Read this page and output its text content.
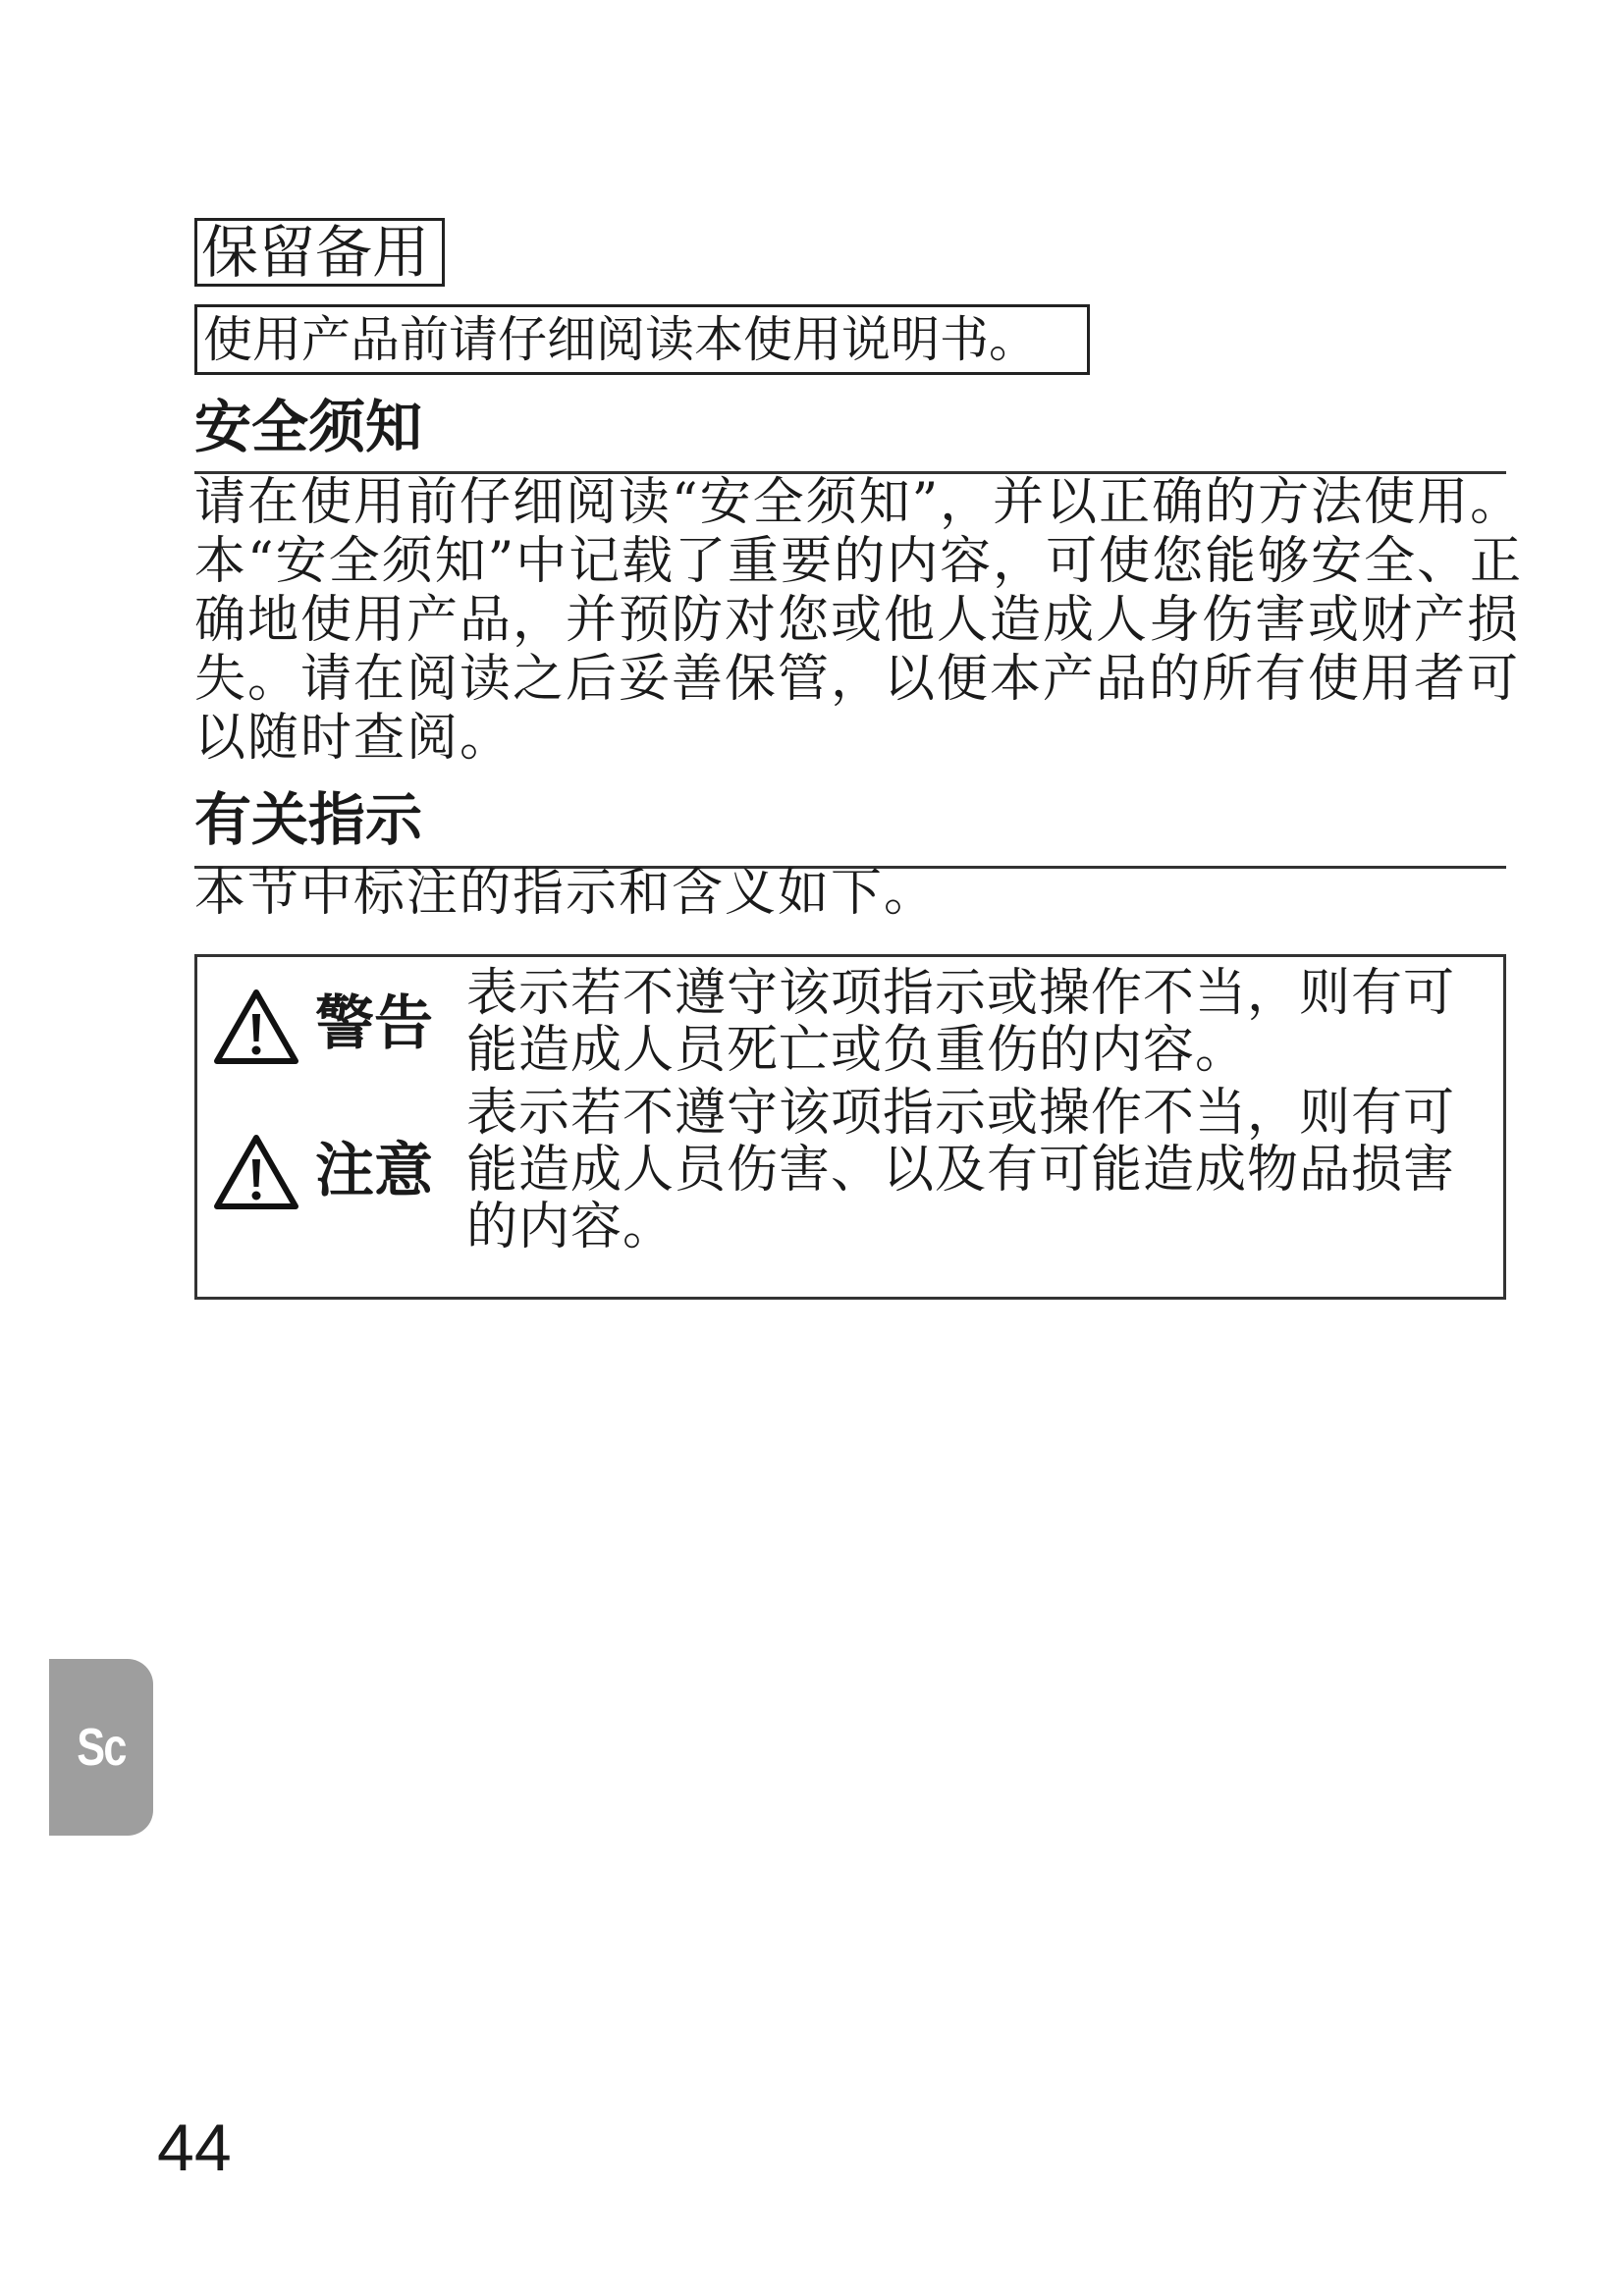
保留备用
使用产品前请仔细阅读本使用说明书。
安全须知
请在使用前仔细阅读“安全须知”，并以正确的方法使用。本“安全须知”中记载了重要的内容，可使您能够安全、正确地使用产品，并预防对您或他人造成人身伤害或财产损失。请在阅读之后妥善保管，以便本产品的所有使用者可以随时查阅。
有关指示
本节中标注的指示和含义如下。
警告 表示若不遵守该项指示或操作不当，则有可能造成人员死亡或负重伤的内容。
注意
表示若不遵守该项指示或操作不当，则有可能造成人员伤害、以及有可能造成物品损害的内容。
Sc
44
